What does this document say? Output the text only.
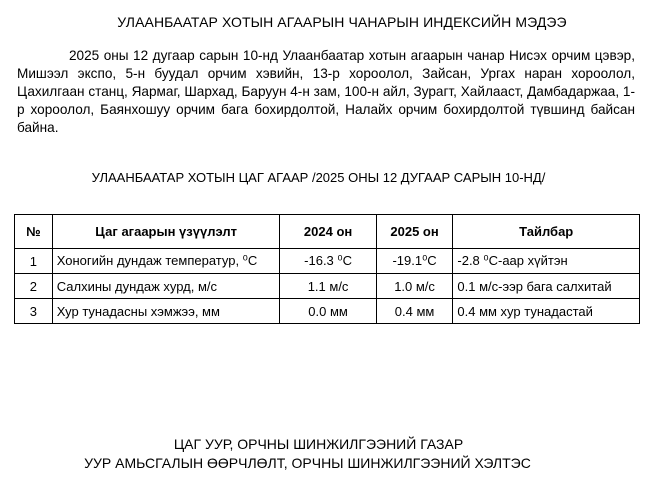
УЛААНБААТАР ХОТЫН АГААРЫН ЧАНАРЫН ИНДЕКСИЙН МЭДЭЭ
2025 оны 12 дугаар сарын 10-нд Улаанбаатар хотын агаарын чанар Нисэх орчим цэвэр, Мишээл экспо, 5-н буудал орчим хэвийн, 13-р хороолол, Зайсан, Ургах наран хороолол, Цахилгаан станц, Яармаг, Шархад, Баруун 4-н зам, 100-н айл, Зурагт, Хайлааст, Дамбадаржаа, 1-р хороолол, Баянхошуу орчим бага бохирдолтой, Налайх орчим бохирдолтой түвшинд байсан байна.
УЛААНБААТАР ХОТЫН ЦАГ АГААР /2025 ОНЫ 12 ДУГААР САРЫН 10-НД/
№	Цаг агаарын үзүүлэлт	2024 он	2025 он	Тайлбар
1	Хоногийн дундаж температур, ⁰С	-16.3 ⁰С	-19.1⁰С	-2.8 ⁰С-аар хүйтэн
2	Салхины дундаж хурд, м/с	1.1 м/с	1.0 м/с	0.1 м/с-ээр бага салхитай
3	Хур тунадасны хэмжээ, мм	0.0 мм	0.4 мм	0.4 мм хур тунадастай
ЦАГ УУР, ОРЧНЫ ШИНЖИЛГЭЭНИЙ ГАЗАР
УУР АМЬСГАЛЫН ӨӨРЧЛӨЛТ, ОРЧНЫ ШИНЖИЛГЭЭНИЙ ХЭЛТЭС
